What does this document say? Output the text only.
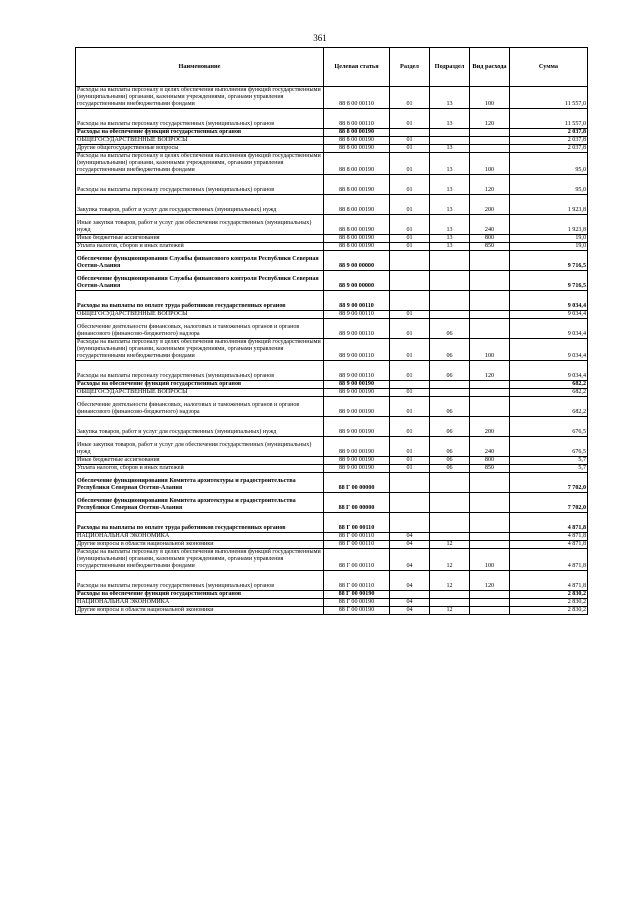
361
Наименование	Целевая статья	Раздел	Подраздел	Вид расхода	Сумма
Расходы на выплаты персоналу в целях обеспечения выполнения функций государственными (муниципальными) органами, казенными учреждениями, органами управления государственными внебюджетными фондами	88 8 00 00110	01	13	100	11 557,0
Расходы на выплаты персоналу государственных (муниципальных) органов	88 8 00 00110	01	13	120	11 557,0
Расходы на обеспечение функций государственных органов	88 8 00 00190				2 037,8
ОБЩЕГОСУДАРСТВЕННЫЕ ВОПРОСЫ	88 8 00 00190	01			2 037,8
Другие общегосударственные вопросы	88 8 00 00190	01	13		2 037,8
Расходы на выплаты персоналу в целях обеспечения выполнения функций государственными (муниципальными) органами, казенными учреждениями, органами управления государственными внебюджетными фондами	88 8 00 00190	01	13	100	95,0
Расходы на выплаты персоналу государственных (муниципальных) органов	88 8 00 00190	01	13	120	95,0
Закупка товаров, работ и услуг для государственных (муниципальных) нужд	88 8 00 00190	01	13	200	1 923,8
Иные закупки товаров, работ и услуг для обеспечения государственных (муниципальных) нужд	88 8 00 00190	01	13	240	1 923,8
Иные бюджетные ассигнования	88 8 00 00190	01	13	800	19,0
Уплата налогов, сборов и иных платежей	88 8 00 00190	01	13	850	19,0
Обеспечение функционирования Службы финансового контроля Республики Северная Осетия-Алания	88 9 00 00000				9 716,5
Обеспечение функционирования Службы финансового контроля Республики Северная Осетия-Алания	88 9 00 00000				9 716,5
Расходы на выплаты по оплате труда работников государственных органов	88 9 00 00110				9 034,4
ОБЩЕГОСУДАРСТВЕННЫЕ ВОПРОСЫ	88 9 00 00110	01			9 034,4
Обеспечение деятельности финансовых, налоговых и таможенных органов и органов финансового (финансово-бюджетного) надзора	88 9 00 00110	01	06		9 034,4
Расходы на выплаты персоналу в целях обеспечения выполнения функций государственными (муниципальными) органами, казенными учреждениями, органами управления государственными внебюджетными фондами	88 9 00 00110	01	06	100	9 034,4
Расходы на выплаты персоналу государственных (муниципальных) органов	88 9 00 00110	01	06	120	9 034,4
Расходы на обеспечение функций государственных органов	88 9 00 00190				682,2
ОБЩЕГОСУДАРСТВЕННЫЕ ВОПРОСЫ	88 9 00 00190	01			682,2
Обеспечение деятельности финансовых, налоговых и таможенных органов и органов финансового (финансово-бюджетного) надзора	88 9 00 00190	01	06		682,2
Закупка товаров, работ и услуг для государственных (муниципальных) нужд	88 9 00 00190	01	06	200	676,5
Иные закупки товаров, работ и услуг для обеспечения государственных (муниципальных) нужд	88 9 00 00190	01	06	240	676,5
Иные бюджетные ассигнования	88 9 00 00190	01	06	800	5,7
Уплата налогов, сборов и иных платежей	88 9 00 00190	01	06	850	5,7
Обеспечение функционирования Комитета архитектуры и градостроительства Республики Северная Осетия-Алания	88 Г 00 00000				7 702,0
Обеспечение функционирования Комитета архитектуры и градостроительства Республики Северная Осетия-Алания	88 Г 00 00000				7 702,0
Расходы на выплаты по оплате труда работников государственных органов	88 Г 00 00110				4 871,8
НАЦИОНАЛЬНАЯ ЭКОНОМИКА	88 Г 00 00110	04			4 871,8
Другие вопросы в области национальной экономики	88 Г 00 00110	04	12		4 871,8
Расходы на выплаты персоналу в целях обеспечения выполнения функций государственными (муниципальными) органами, казенными учреждениями, органами управления государственными внебюджетными фондами	88 Г 00 00110	04	12	100	4 871,8
Расходы на выплаты персоналу государственных (муниципальных) органов	88 Г 00 00110	04	12	120	4 871,8
Расходы на обеспечение функций государственных органов	88 Г 00 00190				2 830,2
НАЦИОНАЛЬНАЯ ЭКОНОМИКА	88 Г 00 00190	04			2 830,2
Другие вопросы в области национальной экономики	88 Г 00 00190	04	12		2 830,2
